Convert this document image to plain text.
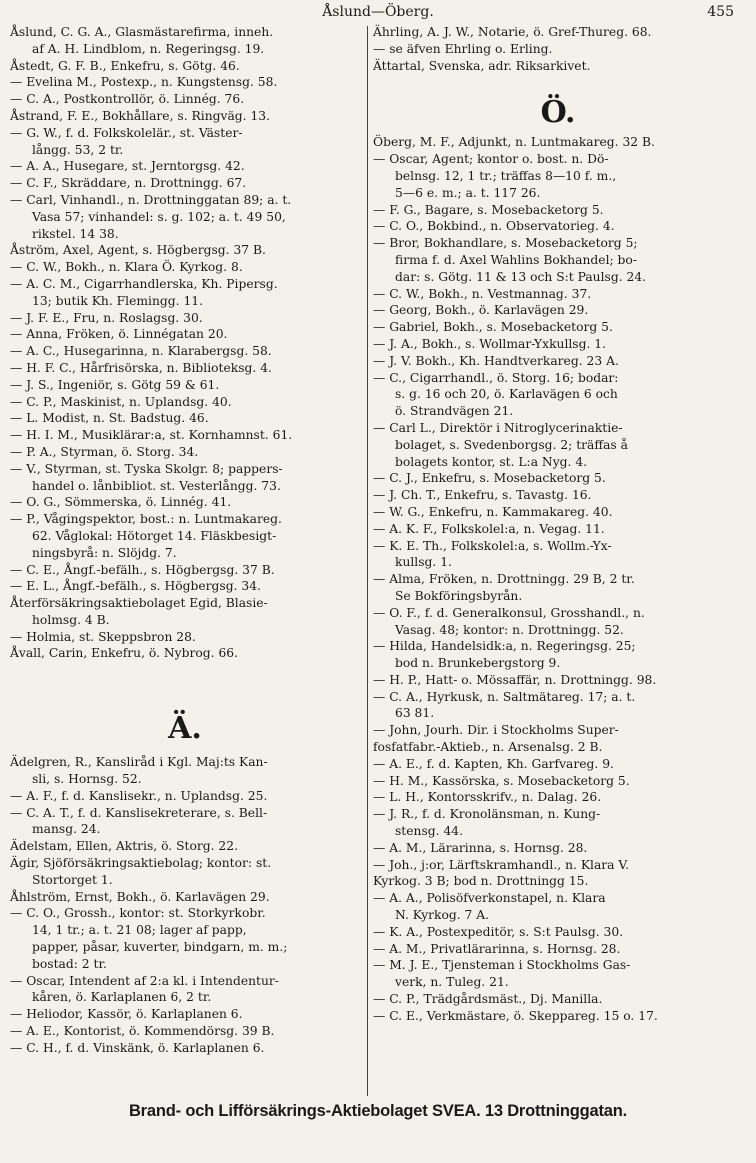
Åslund—Öberg.	455
Åslund, C. G. A., Glasmästarefirma, inneh.
af A. H. Lindblom, n. Regeringsg. 19.
Åstedt, G. F. B., Enkefru, s. Götg. 46.
— Evelina M., Postexp., n. Kungstensg. 58.
— C. A., Postkontrollör, ö. Linnég. 76.
Åstrand, F. E., Bokhållare, s. Ringväg. 13.
— G. W., f. d. Folkskolelär., st. Väster-
långg. 53, 2 tr.
— A. A., Husegare, st. Jerntorgsg. 42.
— C. F., Skräddare, n. Drottningg. 67.
— Carl, Vinhandl., n. Drottninggatan 89; a. t.
Vasa 57; vinhandel: s. g. 102; a. t. 49 50,
rikstel. 14 38.
Åström, Axel, Agent, s. Högbergsg. 37 B.
— C. W., Bokh., n. Klara Ö. Kyrkog. 8.
— A. C. M., Cigarrhandlerska, Kh. Pipersg.
13; butik Kh. Flemingg. 11.
— J. F. E., Fru, n. Roslagsg. 30.
— Anna, Fröken, ö. Linnégatan 20.
— A. C., Husegarinna, n. Klarabergsg. 58.
— H. F. C., Hårfrisörska, n. Biblioteksg. 4.
— J. S., Ingeniör, s. Götg 59 & 61.
— C. P., Maskinist, n. Uplandsg. 40.
— L. Modist, n. St. Badstug. 46.
— H. I. M., Musiklärar:a, st. Kornhamnst. 61.
— P. A., Styrman, ö. Storg. 34.
— V., Styrman, st. Tyska Skolgr. 8; pappers-
handel o. lånbibliot. st. Vesterlångg. 73.
— O. G., Sömmerska, ö. Linnég. 41.
— P., Vågingspektor, bost.: n. Luntmakareg.
62. Våglokal: Hötorget 14. Fläskbesigt-
ningsbyrå: n. Slöjdg. 7.
— C. E., Ångf.-befälh., s. Högbergsg. 37 B.
— E. L., Ångf.-befälh., s. Högbergsg. 34.
Återförsäkringsaktiebolaget Egid, Blasie-
holmsg. 4 B.
— Holmia, st. Skeppsbron 28.
Åvall, Carin, Enkefru, ö. Nybrog. 66.
Ä.
Ädelgren, R., Kansliråd i Kgl. Maj:ts Kan-
sli, s. Hornsg. 52.
— A. F., f. d. Kanslisekr., n. Uplandsg. 25.
— C. A. T., f. d. Kanslisekreterare, s. Bell-
mansg. 24.
Ädelstam, Ellen, Aktris, ö. Storg. 22.
Ägir, Sjöförsäkringsaktiebolag; kontor: st.
Stortorget 1.
Åhlström, Ernst, Bokh., ö. Karlavägen 29.
— C. O., Grossh., kontor: st. Storkyrkobr.
14, 1 tr.; a. t. 21 08; lager af papp,
papper, påsar, kuverter, bindgarn, m. m.;
bostad: 2 tr.
— Oscar, Intendent af 2:a kl. i Intendentur-
kåren, ö. Karlaplanen 6, 2 tr.
— Heliodor, Kassör, ö. Karlaplanen 6.
— A. E., Kontorist, ö. Kommendörsg. 39 B.
— C. H., f. d. Vinskänk, ö. Karlaplanen 6.
Ährling, A. J. W., Notarie, ö. Gref-Thureg. 68.
— se äfven Ehrling o. Erling.
Ättartal, Svenska, adr. Riksarkivet.
Ö.
Öberg, M. F., Adjunkt, n. Luntmakareg. 32 B.
— Oscar, Agent; kontor o. bost. n. Dö-
belnsg. 12, 1 tr.; träffas 8—10 f. m.,
5—6 e. m.; a. t. 117 26.
— F. G., Bagare, s. Mosebacketorg 5.
— C. O., Bokbind., n. Observatorieg. 4.
— Bror, Bokhandlare, s. Mosebacketorg 5;
firma f. d. Axel Wahlins Bokhandel; bo-
dar: s. Götg. 11 & 13 och S:t Paulsg. 24.
— C. W., Bokh., n. Vestmannag. 37.
— Georg, Bokh., ö. Karlavägen 29.
— Gabriel, Bokh., s. Mosebacketorg 5.
— J. A., Bokh., s. Wollmar-Yxkullsg. 1.
— J. V. Bokh., Kh. Handtverkareg. 23 A.
— C., Cigarrhandl., ö. Storg. 16; bodar:
s. g. 16 och 20, ö. Karlavägen 6 och
ö. Strandvägen 21.
— Carl L., Direktör i Nitroglycerinaktie-
bolaget, s. Svedenborgsg. 2; träffas å
bolagets kontor, st. L:a Nyg. 4.
— C. J., Enkefru, s. Mosebacketorg 5.
— J. Ch. T., Enkefru, s. Tavastg. 16.
— W. G., Enkefru, n. Kammakareg. 40.
— A. K. F., Folkskolel:a, n. Vegag. 11.
— K. E. Th., Folkskolel:a, s. Wollm.-Yx-
kullsg. 1.
— Alma, Fröken, n. Drottningg. 29 B, 2 tr.
Se Bokföringsbyrån.
— O. F., f. d. Generalkonsul, Grosshandl., n.
Vasag. 48; kontor: n. Drottningg. 52.
— Hilda, Handelsidk:a, n. Regeringsg. 25;
bod n. Brunkebergstorg 9.
— H. P., Hatt- o. Mössaffär, n. Drottningg. 98.
— C. A., Hyrkusk, n. Saltmätareg. 17; a. t.
63 81.
— John, Jourh. Dir. i Stockholms Super-
fosfatfabr.-Aktieb., n. Arsenalsg. 2 B.
— A. E., f. d. Kapten, Kh. Garfvareg. 9.
— H. M., Kassörska, s. Mosebacketorg 5.
— L. H., Kontorsskrifv., n. Dalag. 26.
— J. R., f. d. Kronolänsman, n. Kung-
stensg. 44.
— A. M., Lärarinna, s. Hornsg. 28.
— Joh., j:or, Lärftskramhandl., n. Klara V.
Kyrkog. 3 B; bod n. Drottningg 15.
— A. A., Polisöfverkonstapel, n. Klara
N. Kyrkog. 7 A.
— K. A., Postexpeditör, s. S:t Paulsg. 30.
— A. M., Privatlärarinna, s. Hornsg. 28.
— M. J. E., Tjensteman i Stockholms Gas-
verk, n. Tuleg. 21.
— C. P., Trädgårdsmäst., Dj. Manilla.
— C. E., Verkmästare, ö. Skeppareg. 15 o. 17.
Brand- och Lifförsäkrings-Aktiebolaget SVEA. 13 Drottninggatan.
